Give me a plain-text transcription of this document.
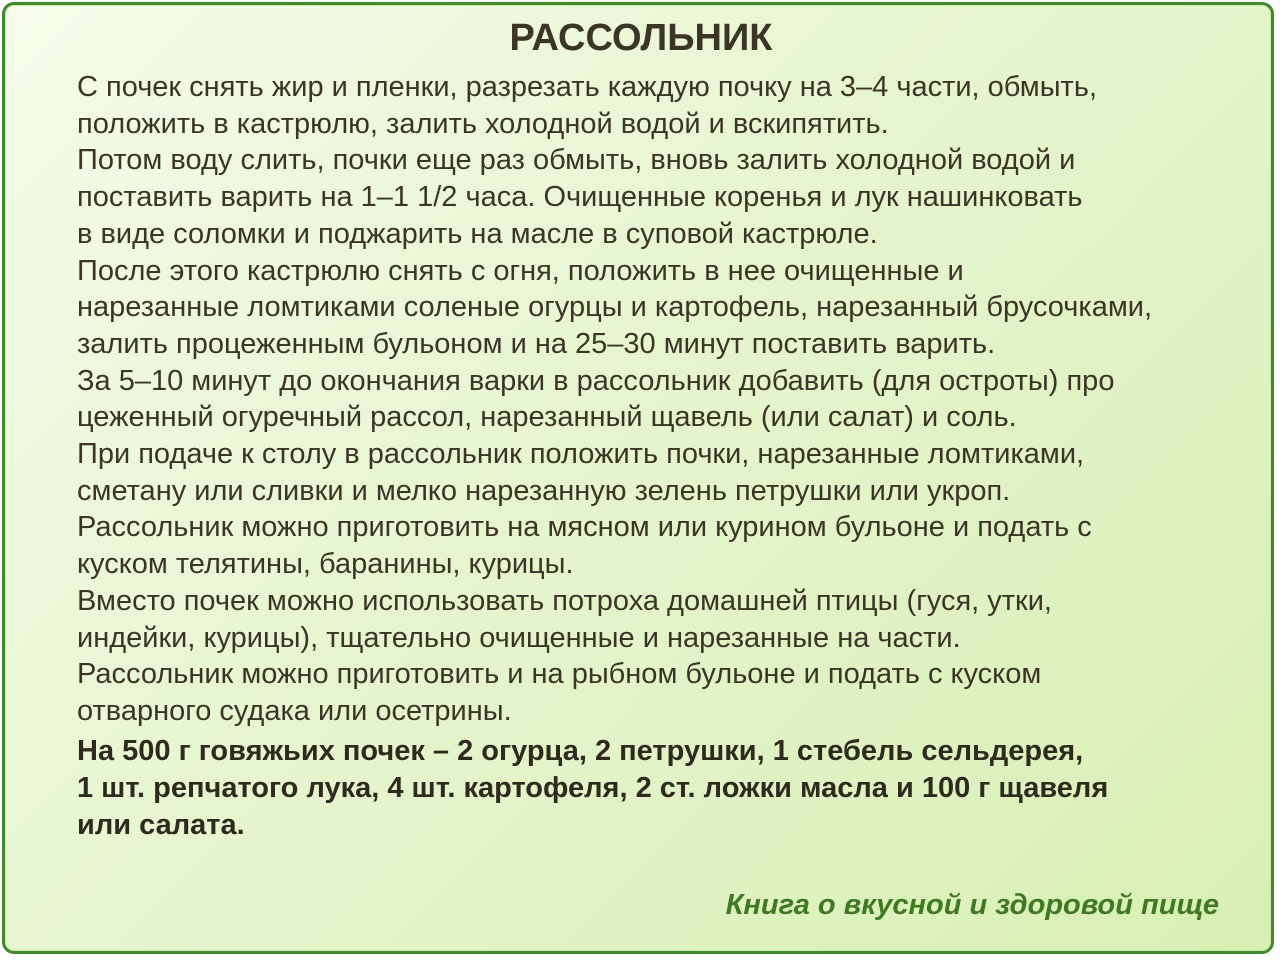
РАССОЛЬНИК

С почек снять жир и пленки, разрезать каждую почку на 3–4 части, обмыть,
положить в кастрюлю, залить холодной водой и вскипятить.
Потом воду слить, почки еще раз обмыть, вновь залить холодной водой и
поставить варить на 1–1 1/2 часа. Очищенные коренья и лук нашинковать
в виде соломки и поджарить на масле в суповой кастрюле.
После этого кастрюлю снять с огня, положить в нее очищенные и
нарезанные ломтиками соленые огурцы и картофель, нарезанный брусочками,
залить процеженным бульоном и на 25–30 минут поставить варить.
За 5–10 минут до окончания варки в рассольник добавить (для остроты) про
цеженный огуречный рассол, нарезанный щавель (или салат) и соль.
При подаче к столу в рассольник положить почки, нарезанные ломтиками,
сметану или сливки и мелко нарезанную зелень петрушки или укроп.
Рассольник можно приготовить на мясном или курином бульоне и подать с
куском телятины, баранины, курицы.
Вместо почек можно использовать потроха домашней птицы (гуся, утки,
индейки, курицы), тщательно очищенные и нарезанные на части.
Рассольник можно приготовить и на рыбном бульоне и подать с куском
отварного судака или осетрины.

На 500 г говяжьих почек – 2 огурца, 2 петрушки, 1 стебель сельдерея,
1 шт. репчатого лука, 4 шт. картофеля, 2 ст. ложки масла и 100 г щавеля
или салата.

Книга о вкусной и здоровой пище
